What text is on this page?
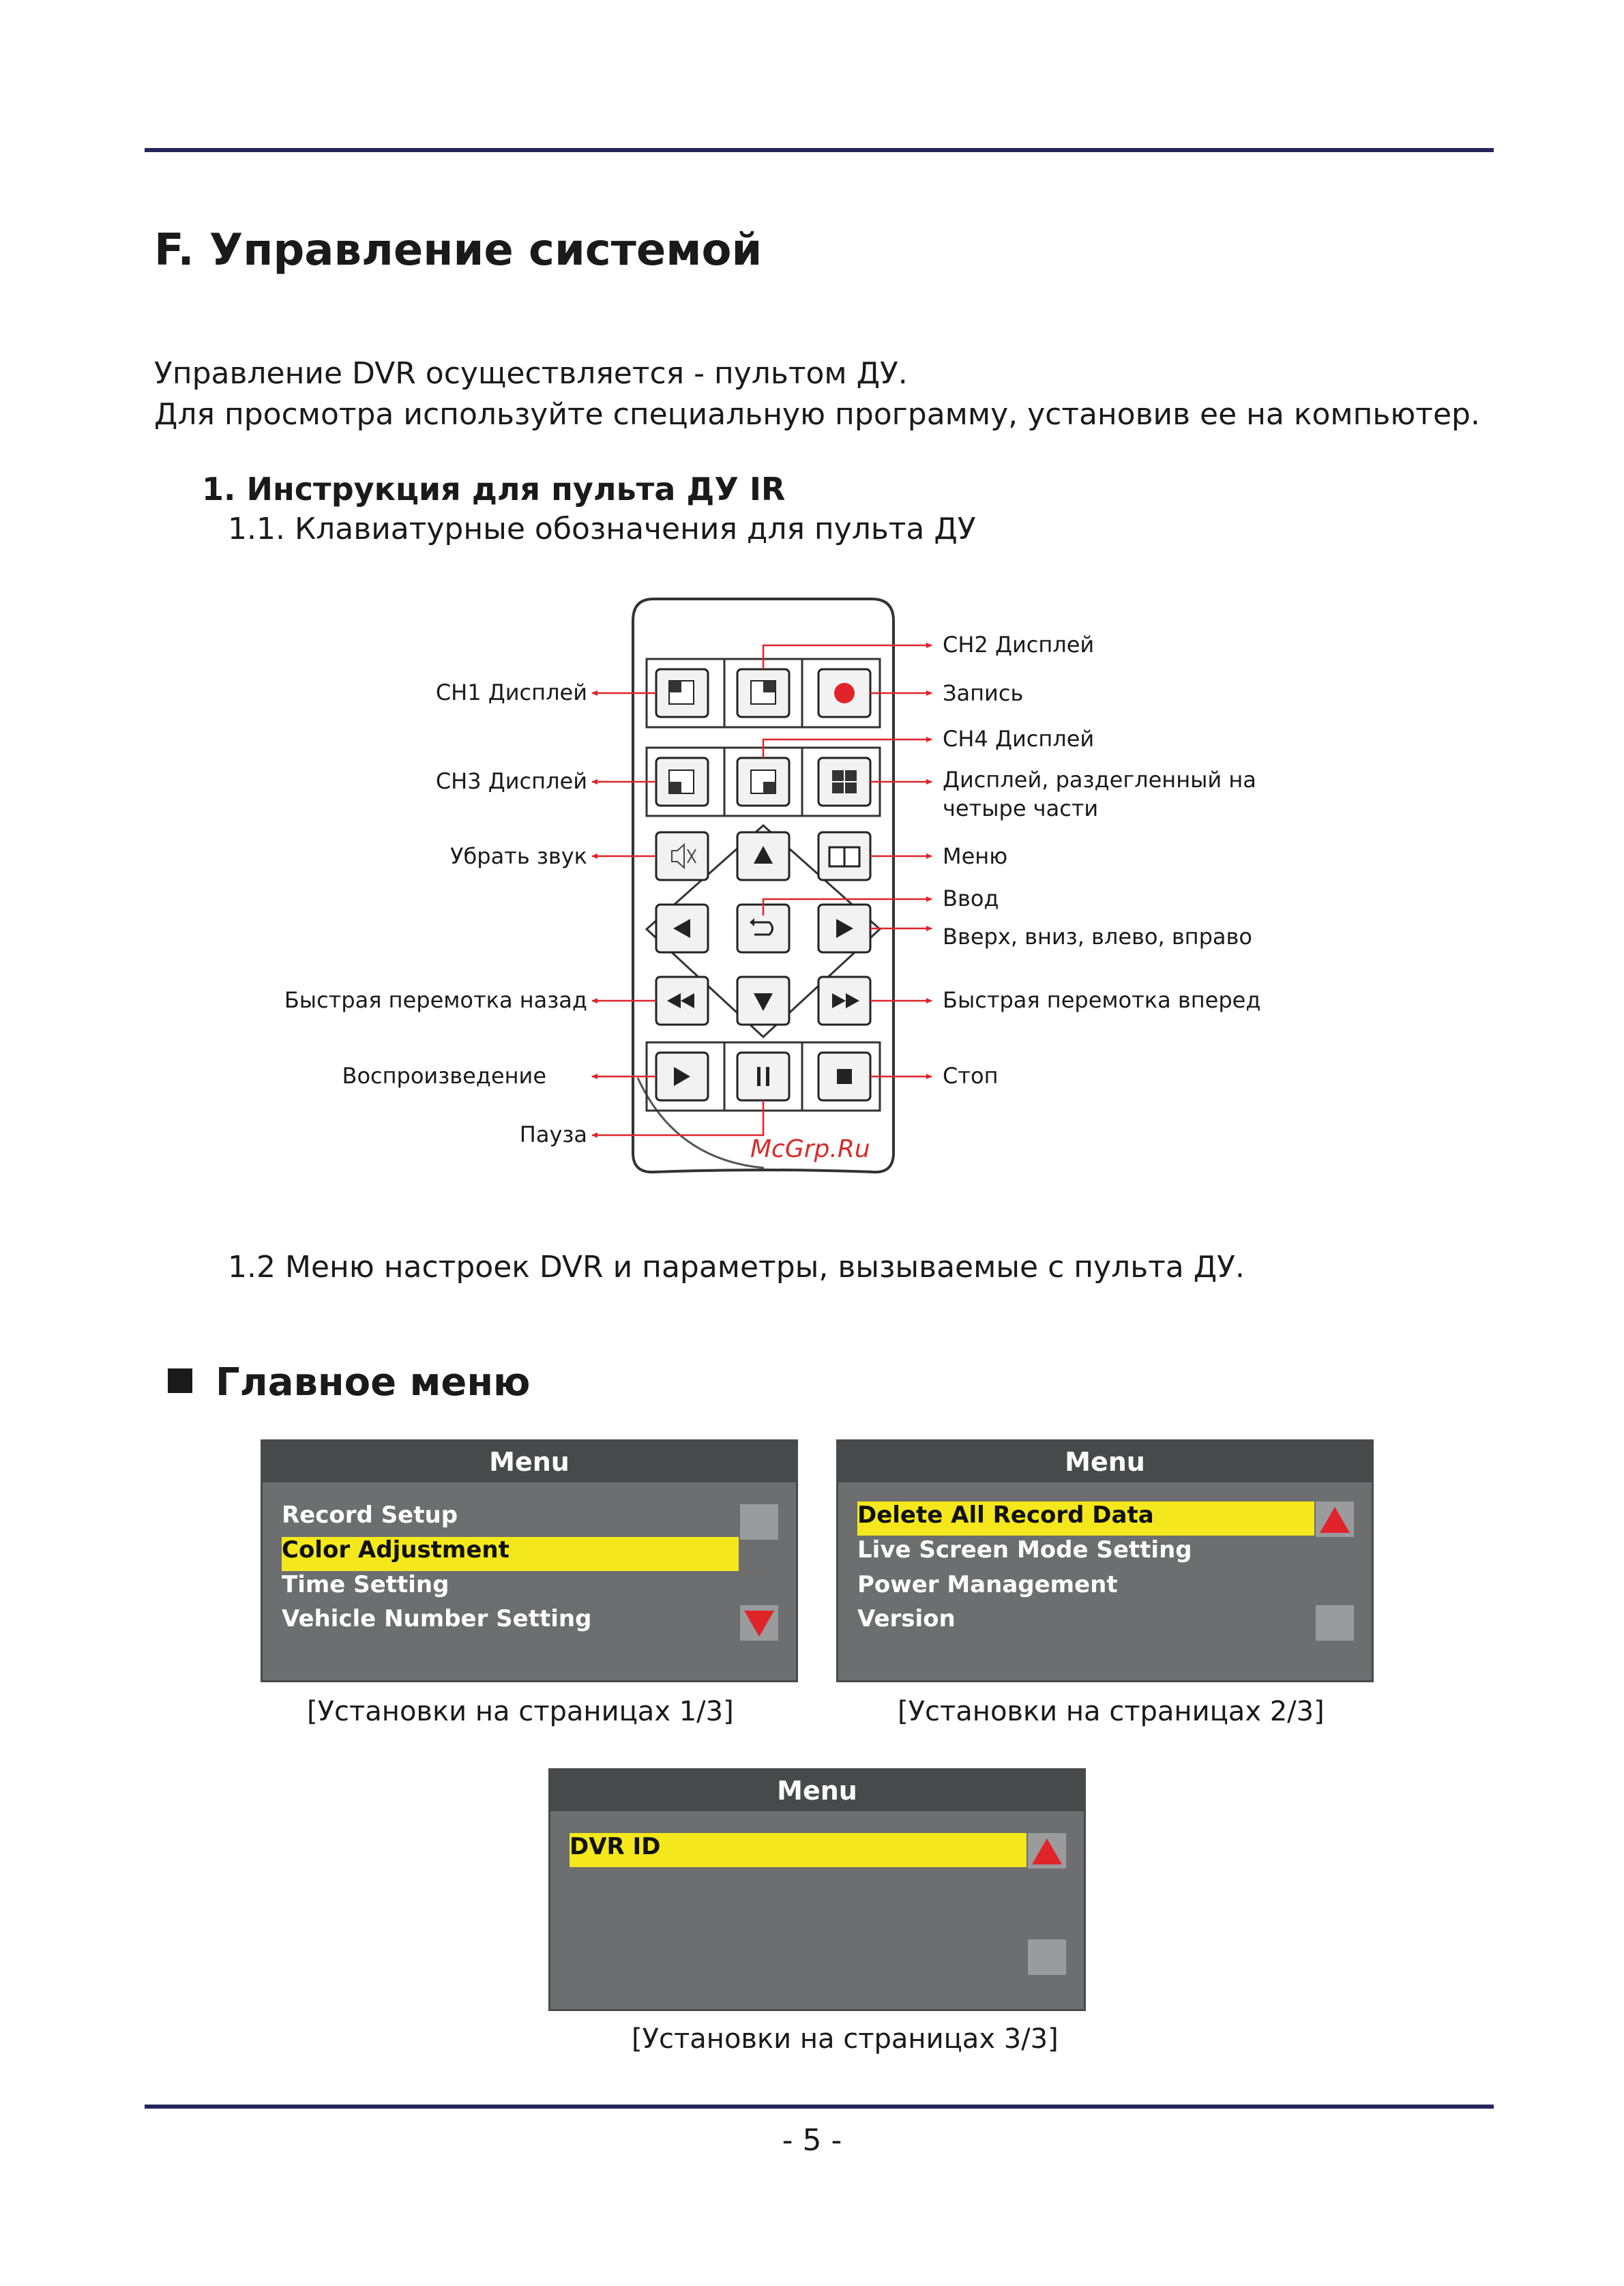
F. Управление системой
Управление DVR осуществляется - пультом ДУ.
Для просмотра используйте специальную программу, установив ее на компьютер.
1. Инструкция для пульта ДУ IR
1.1. Клавиатурные обозначения для пульта ДУ
CH1 Дисплей
CH3 Дисплей
Убрать звук
Быстрая перемотка назад
Воспроизведение
Пауза
CH2 Дисплей
Запись
CH4 Дисплей
Дисплей, раздегленный на
четыре части
Меню
Ввод
Вверх, вниз, влево, вправо
Быстрая перемотка вперед
Стоп
McGrp.Ru
1.2 Меню настроек DVR и параметры, вызываемые с пульта ДУ.
Главное меню
Menu
Record Setup
Color Adjustment
Time Setting
Vehicle Number Setting
[Установки на страницах 1/3]
Menu
Delete All Record Data
Live Screen Mode Setting
Power Management
Version
[Установки на страницах 2/3]
Menu
DVR ID
[Установки на страницах 3/3]
- 5 -
